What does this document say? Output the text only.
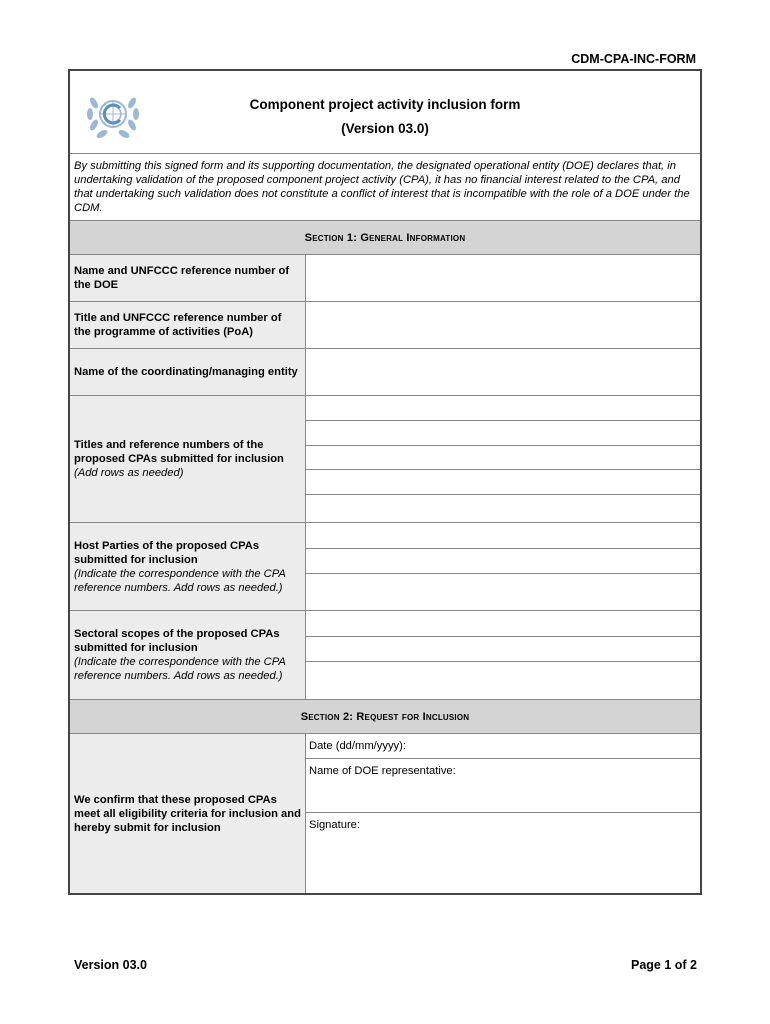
CDM-CPA-INC-FORM
Component project activity inclusion form
(Version 03.0)
By submitting this signed form and its supporting documentation, the designated operational entity (DOE) declares that, in undertaking validation of the proposed component project activity (CPA), it has no financial interest related to the CPA, and that undertaking such validation does not constitute a conflict of interest that is incompatible with the role of a DOE under the CDM.
Section 1: General Information
Name and UNFCCC reference number of the DOE
Title and UNFCCC reference number of the programme of activities (PoA)
Name of the coordinating/managing entity
Titles and reference numbers of the proposed CPAs submitted for inclusion
(Add rows as needed)
Host Parties of the proposed CPAs submitted for inclusion
(Indicate the correspondence with the CPA reference numbers. Add rows as needed.)
Sectoral scopes of the proposed CPAs submitted for inclusion
(Indicate the correspondence with the CPA reference numbers. Add rows as needed.)
Section 2: Request for Inclusion
We confirm that these proposed CPAs meet all eligibility criteria for inclusion and hereby submit for inclusion
Date (dd/mm/yyyy):
Name of DOE representative:
Signature:
Version 03.0	Page 1 of 2
